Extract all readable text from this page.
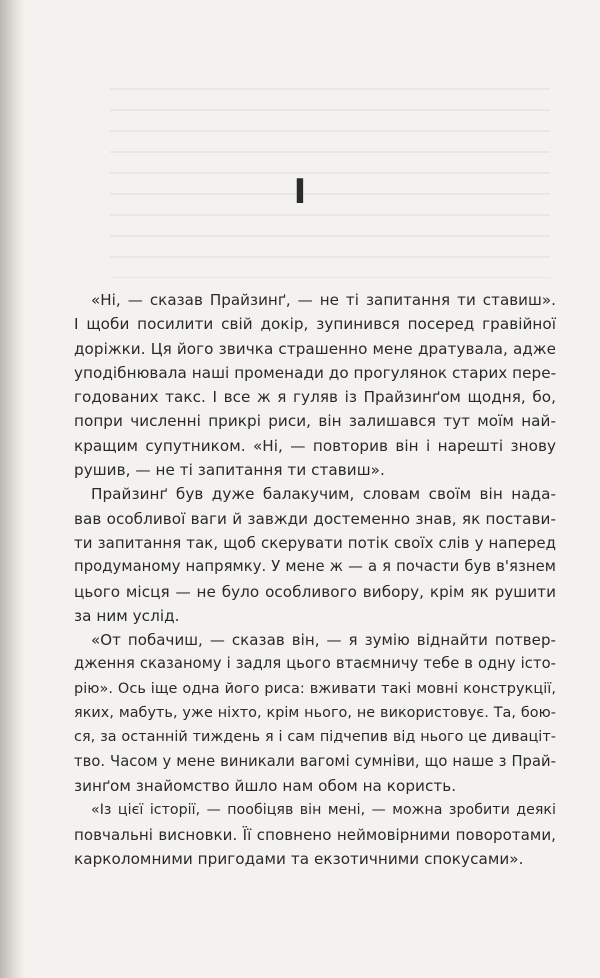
I

«Ні, — сказав Прайзинґ, — не ті запитання ти ставиш».
І щоби посилити свій докір, зупинився посеред гравійної
доріжки. Ця його звичка страшенно мене дратувала, адже
уподібнювала наші променади до прогулянок старих пере-
годованих такс. І все ж я гуляв із Прайзинґом щодня, бо,
попри численні прикрі риси, він залишався тут моїм най-
кращим супутником. «Ні, — повторив він і нарешті знову
рушив, — не ті запитання ти ставиш».

Прайзинґ був дуже балакучим, словам своїм він нада-
вав особливої ваги й завжди достеменно знав, як постави-
ти запитання так, щоб скерувати потік своїх слів у напеpед
продуманому напрямку. У мене ж — а я почасти був в'язнем
цього місця — не було особливого вибору, крім як рушити
за ним услід.

«От побачиш, — сказав він, — я зумію віднайти потвер-
дження сказаному і задля цього втаємничу тебе в одну істо-
рію». Ось іще одна його риса: вживати такі мовні конструкції,
яких, мабуть, уже ніхто, крім нього, не використовує. Та, бою-
ся, за останній тиждень я і сам підчепив від нього це диваціт-
тво. Часом у мене виникали вагомі сумніви, що наше з Прай-
зинґом знайомство йшло нам обом на користь.

«Із цієї історії, — пообіцяв він мені, — можна зробити деякі
повчальні висновки. Її сповнено неймовірними поворотами,
карколомними пригодами та екзотичними спокусами».
